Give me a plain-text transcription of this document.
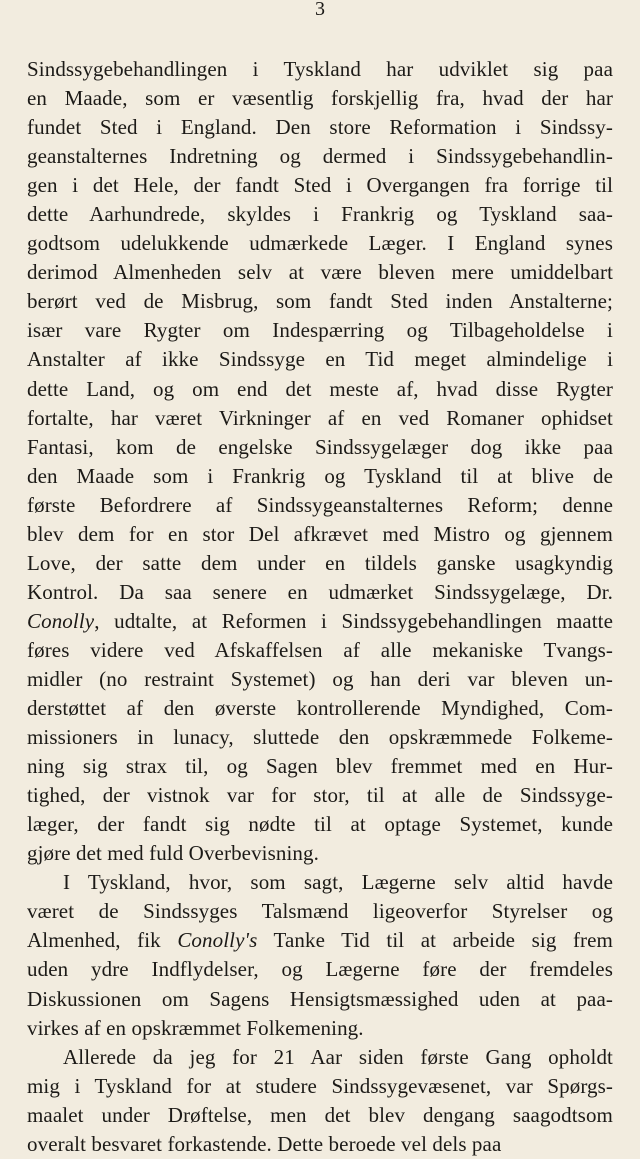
3
Sindssygebehandlingen i Tyskland har udviklet sig paa
en Maade, som er væsentlig forskjellig fra, hvad der har
fundet Sted i England. Den store Reformation i Sindssy-
geanstalternes Indretning og dermed i Sindssygebehandlin-
gen i det Hele, der fandt Sted i Overgangen fra forrige til
dette Aarhundrede, skyldes i Frankrig og Tyskland saa-
godtsom udelukkende udmærkede Læger. I England synes
derimod Almenheden selv at være bleven mere umiddelbart
berørt ved de Misbrug, som fandt Sted inden Anstalterne;
især vare Rygter om Indespærring og Tilbageholdelse i
Anstalter af ikke Sindssyge en Tid meget almindelige i
dette Land, og om end det meste af, hvad disse Rygter
fortalte, har været Virkninger af en ved Romaner ophidset
Fantasi, kom de engelske Sindssygelæger dog ikke paa
den Maade som i Frankrig og Tyskland til at blive de
første Befordrere af Sindssygeanstalternes Reform; denne
blev dem for en stor Del afkrævet med Mistro og gjennem
Love, der satte dem under en tildels ganske usagkyndig
Kontrol. Da saa senere en udmærket Sindssygelæge, Dr.
Conolly, udtalte, at Reformen i Sindssygebehandlingen maatte
føres videre ved Afskaffelsen af alle mekaniske Tvangs-
midler (no restraint Systemet) og han deri var bleven un-
derstøttet af den øverste kontrollerende Myndighed, Com-
missioners in lunacy, sluttede den opskræmmede Folkeme-
ning sig strax til, og Sagen blev fremmet med en Hur-
tighed, der vistnok var for stor, til at alle de Sindssyge-
læger, der fandt sig nødte til at optage Systemet, kunde
gjøre det med fuld Overbevisning.
I Tyskland, hvor, som sagt, Lægerne selv altid havde
været de Sindssyges Talsmænd ligeoverfor Styrelser og
Almenhed, fik Conolly's Tanke Tid til at arbeide sig frem
uden ydre Indflydelser, og Lægerne føre der fremdeles
Diskussionen om Sagens Hensigtsmæssighed uden at paa-
virkes af en opskræmmet Folkemening.
Allerede da jeg for 21 Aar siden første Gang opholdt
mig i Tyskland for at studere Sindssygevæsenet, var Spørgs-
maalet under Drøftelse, men det blev dengang saagodtsom
overalt besvaret forkastende. Dette beroede vel dels paa
